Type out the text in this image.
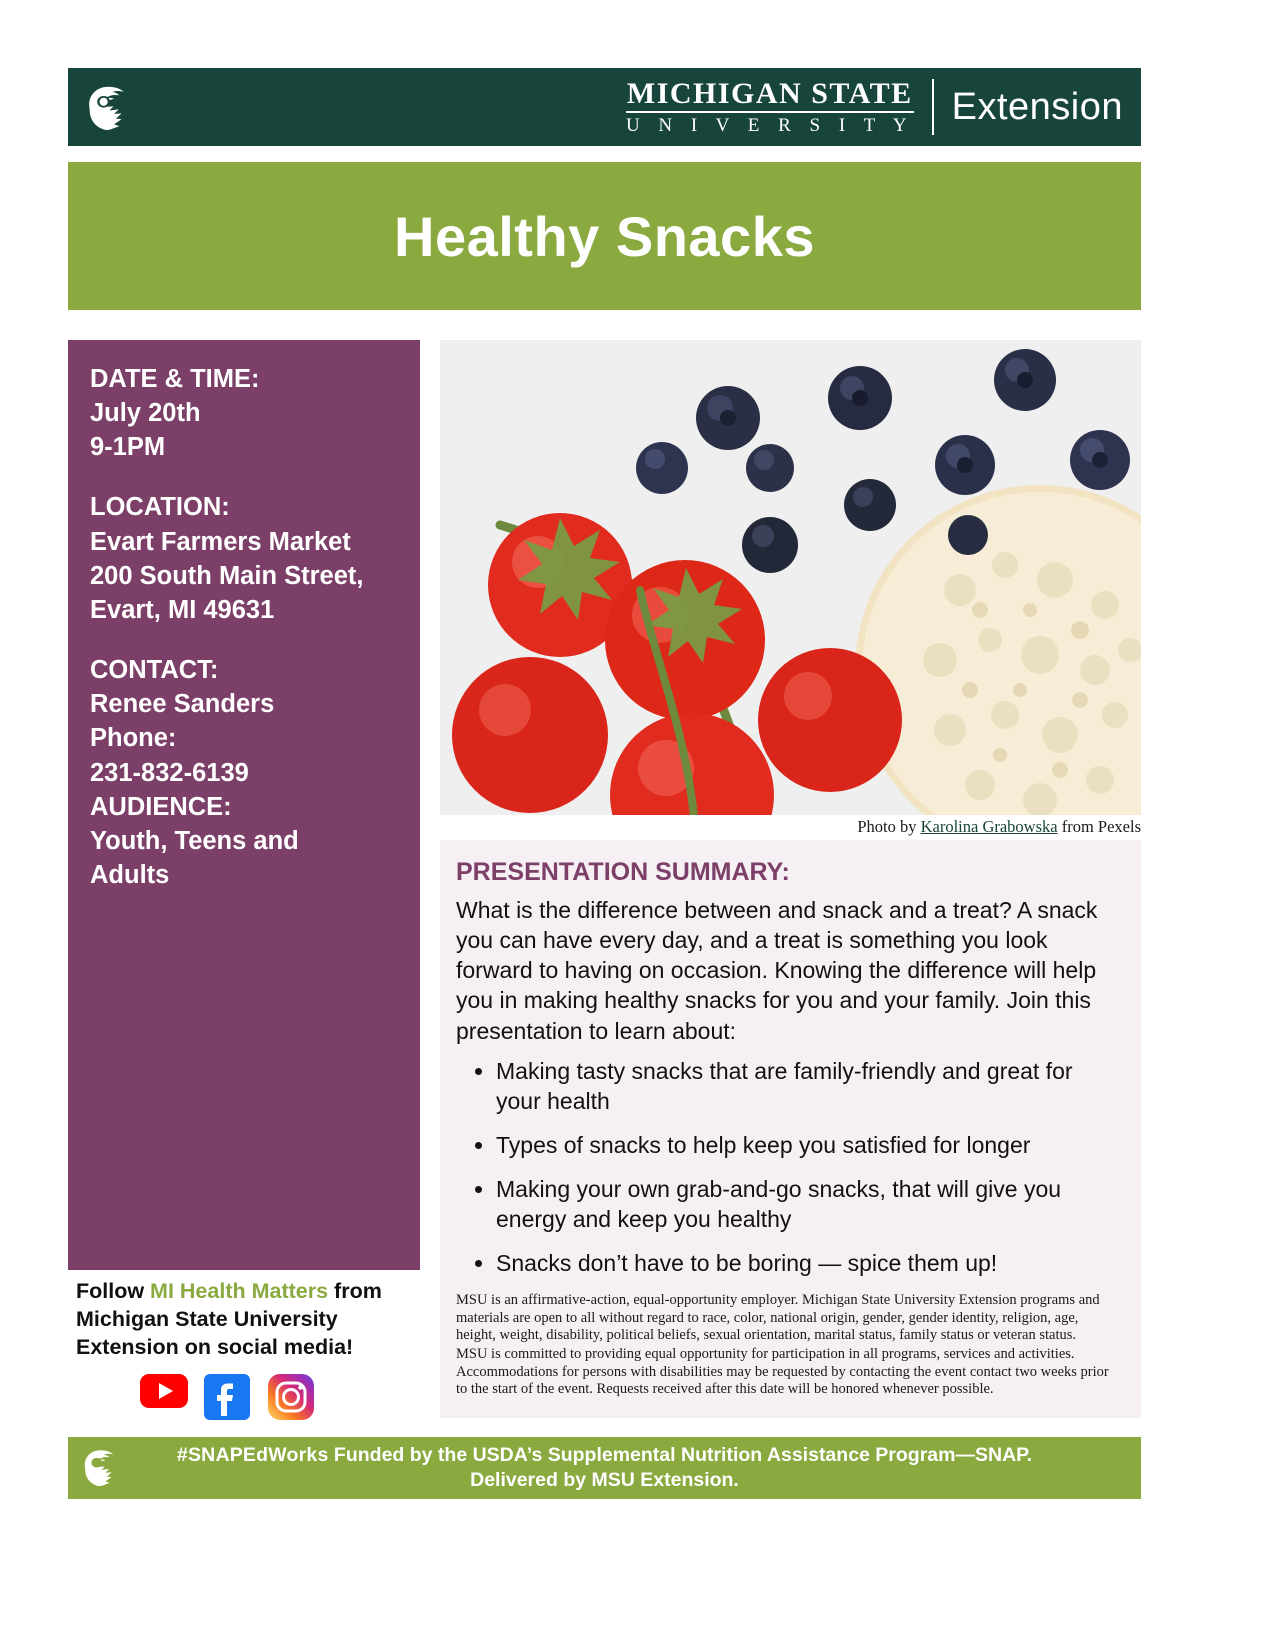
MICHIGAN STATE
U N I V E R S I T Y Extension
Healthy Snacks
DATE & TIME:
July 20th
9-1PM
LOCATION:
Evart Farmers Market
200 South Main Street,
Evart, MI 49631
CONTACT:
Renee Sanders
Phone:
231-832-6139
AUDIENCE:
Youth, Teens and
Adults
Photo by Karolina Grabowska from Pexels
PRESENTATION SUMMARY:

What is the difference between and snack and a treat? A snack you can have every day, and a treat is something you look forward to having on occasion. Knowing the difference will help you in making healthy snacks for you and your family. Join this presentation to learn about:

• Making tasty snacks that are family-friendly and great for your health
• Types of snacks to help keep you satisfied for longer
• Making your own grab-and-go snacks, that will give you energy and keep you healthy
• Snacks don’t have to be boring — spice them up!

MSU is an affirmative-action, equal-opportunity employer. Michigan State University Extension programs and materials are open to all without regard to race, color, national origin, gender, gender identity, religion, age, height, weight, disability, political beliefs, sexual orientation, marital status, family status or veteran status.

MSU is committed to providing equal opportunity for participation in all programs, services and activities. Accommodations for persons with disabilities may be requested by contacting the event contact two weeks prior to the start of the event. Requests received after this date will be honored whenever possible.

Follow MI Health Matters from
Michigan State University
Extension on social media!
#SNAPEdWorks Funded by the USDA’s Supplemental Nutrition Assistance Program—SNAP.
Delivered by MSU Extension.
